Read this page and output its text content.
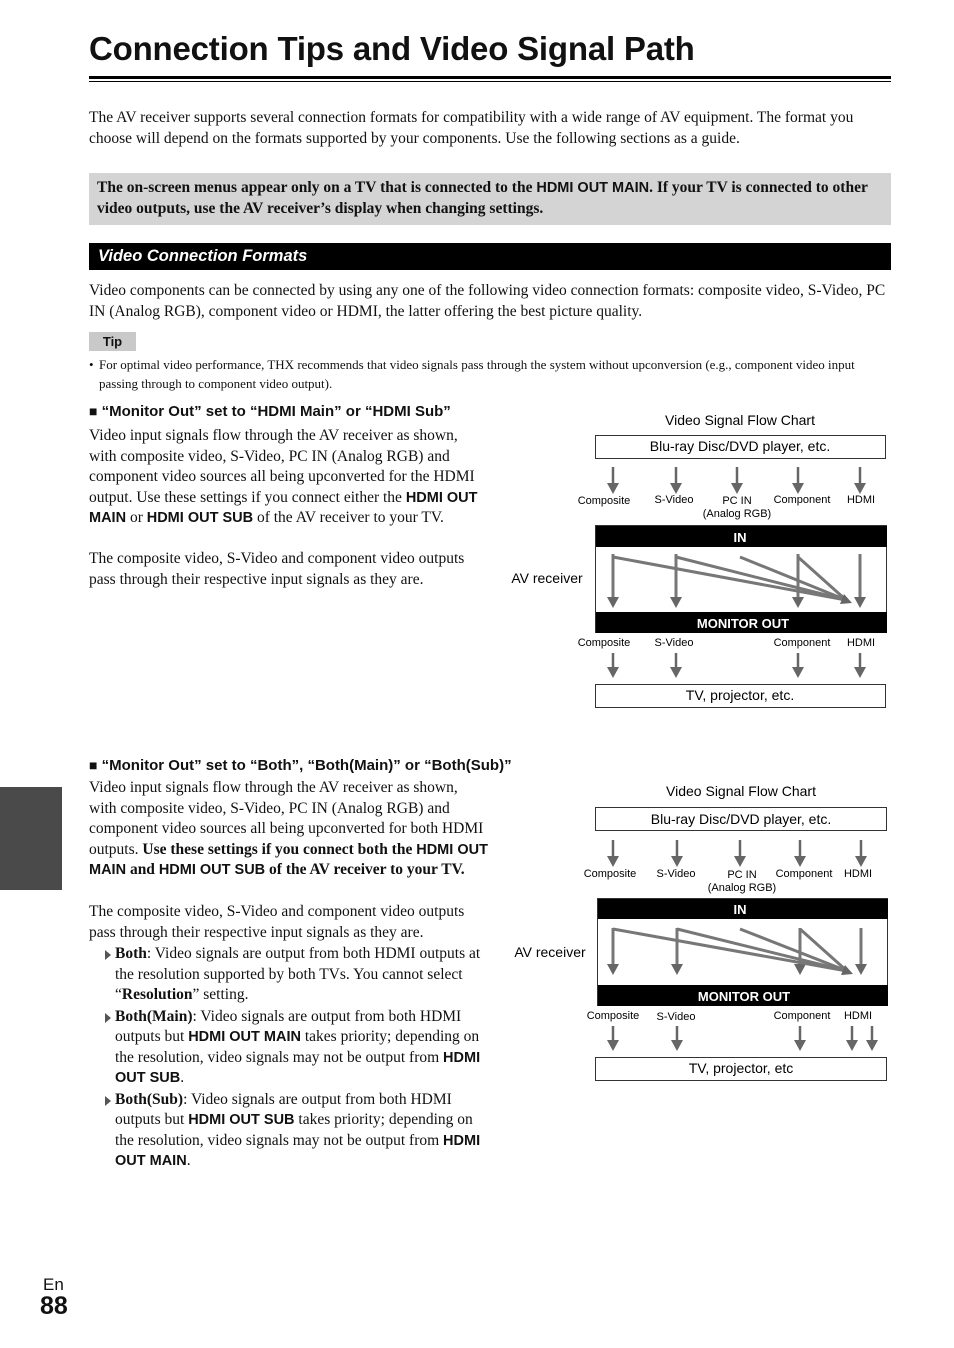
Connection Tips and Video Signal Path
The AV receiver supports several connection formats for compatibility with a wide range of AV equipment. The format you choose will depend on the formats supported by your components. Use the following sections as a guide.
The on-screen menus appear only on a TV that is connected to the HDMI OUT MAIN. If your TV is connected to other video outputs, use the AV receiver’s display when changing settings.
Video Connection Formats
Video components can be connected by using any one of the following video connection formats: composite video, S-Video, PC IN (Analog RGB), component video or HDMI, the latter offering the best picture quality.
Tip
• For optimal video performance, THX recommends that video signals pass through the system without upconversion (e.g., component video input passing through to component video output).
■ “Monitor Out” set to “HDMI Main” or “HDMI Sub”
Video input signals flow through the AV receiver as shown, with composite video, S-Video, PC IN (Analog RGB) and component video sources all being upconverted for the HDMI output. Use these settings if you connect either the HDMI OUT MAIN or HDMI OUT SUB of the AV receiver to your TV.
The composite video, S-Video and component video outputs pass through their respective input signals as they are.
Video Signal Flow Chart
Blu-ray Disc/DVD player, etc.
Composite S-Video	PC IN
(Analog RGB)
Component HDMI
IN
MONITOR OUT
AV receiver
Composite S-Video	Component HDMI
TV, projector, etc.
■ “Monitor Out” set to “Both”, “Both(Main)” or “Both(Sub)”
Video input signals flow through the AV receiver as shown, with composite video, S-Video, PC IN (Analog RGB) and component video sources all being upconverted for both HDMI outputs. Use these settings if you connect both the HDMI OUT MAIN and HDMI OUT SUB of the AV receiver to your TV.
The composite video, S-Video and component video outputs pass through their respective input signals as they are.
Both: Video signals are output from both HDMI outputs at the resolution supported by both TVs. You cannot select “Resolution” setting.
Both(Main): Video signals are output from both HDMI outputs but HDMI OUT MAIN takes priority; depending on the resolution, video signals may not be output from HDMI OUT SUB.
Both(Sub): Video signals are output from both HDMI outputs but HDMI OUT SUB takes priority; depending on the resolution, video signals may not be output from HDMI OUT MAIN.
Video Signal Flow Chart
Blu-ray Disc/DVD player, etc.
Composite S-Video	PC IN
(Analog RGB)
Component HDMI
IN
MONITOR OUT
AV receiver
Composite S-Video	Component HDMI
TV, projector, etc
En
88
